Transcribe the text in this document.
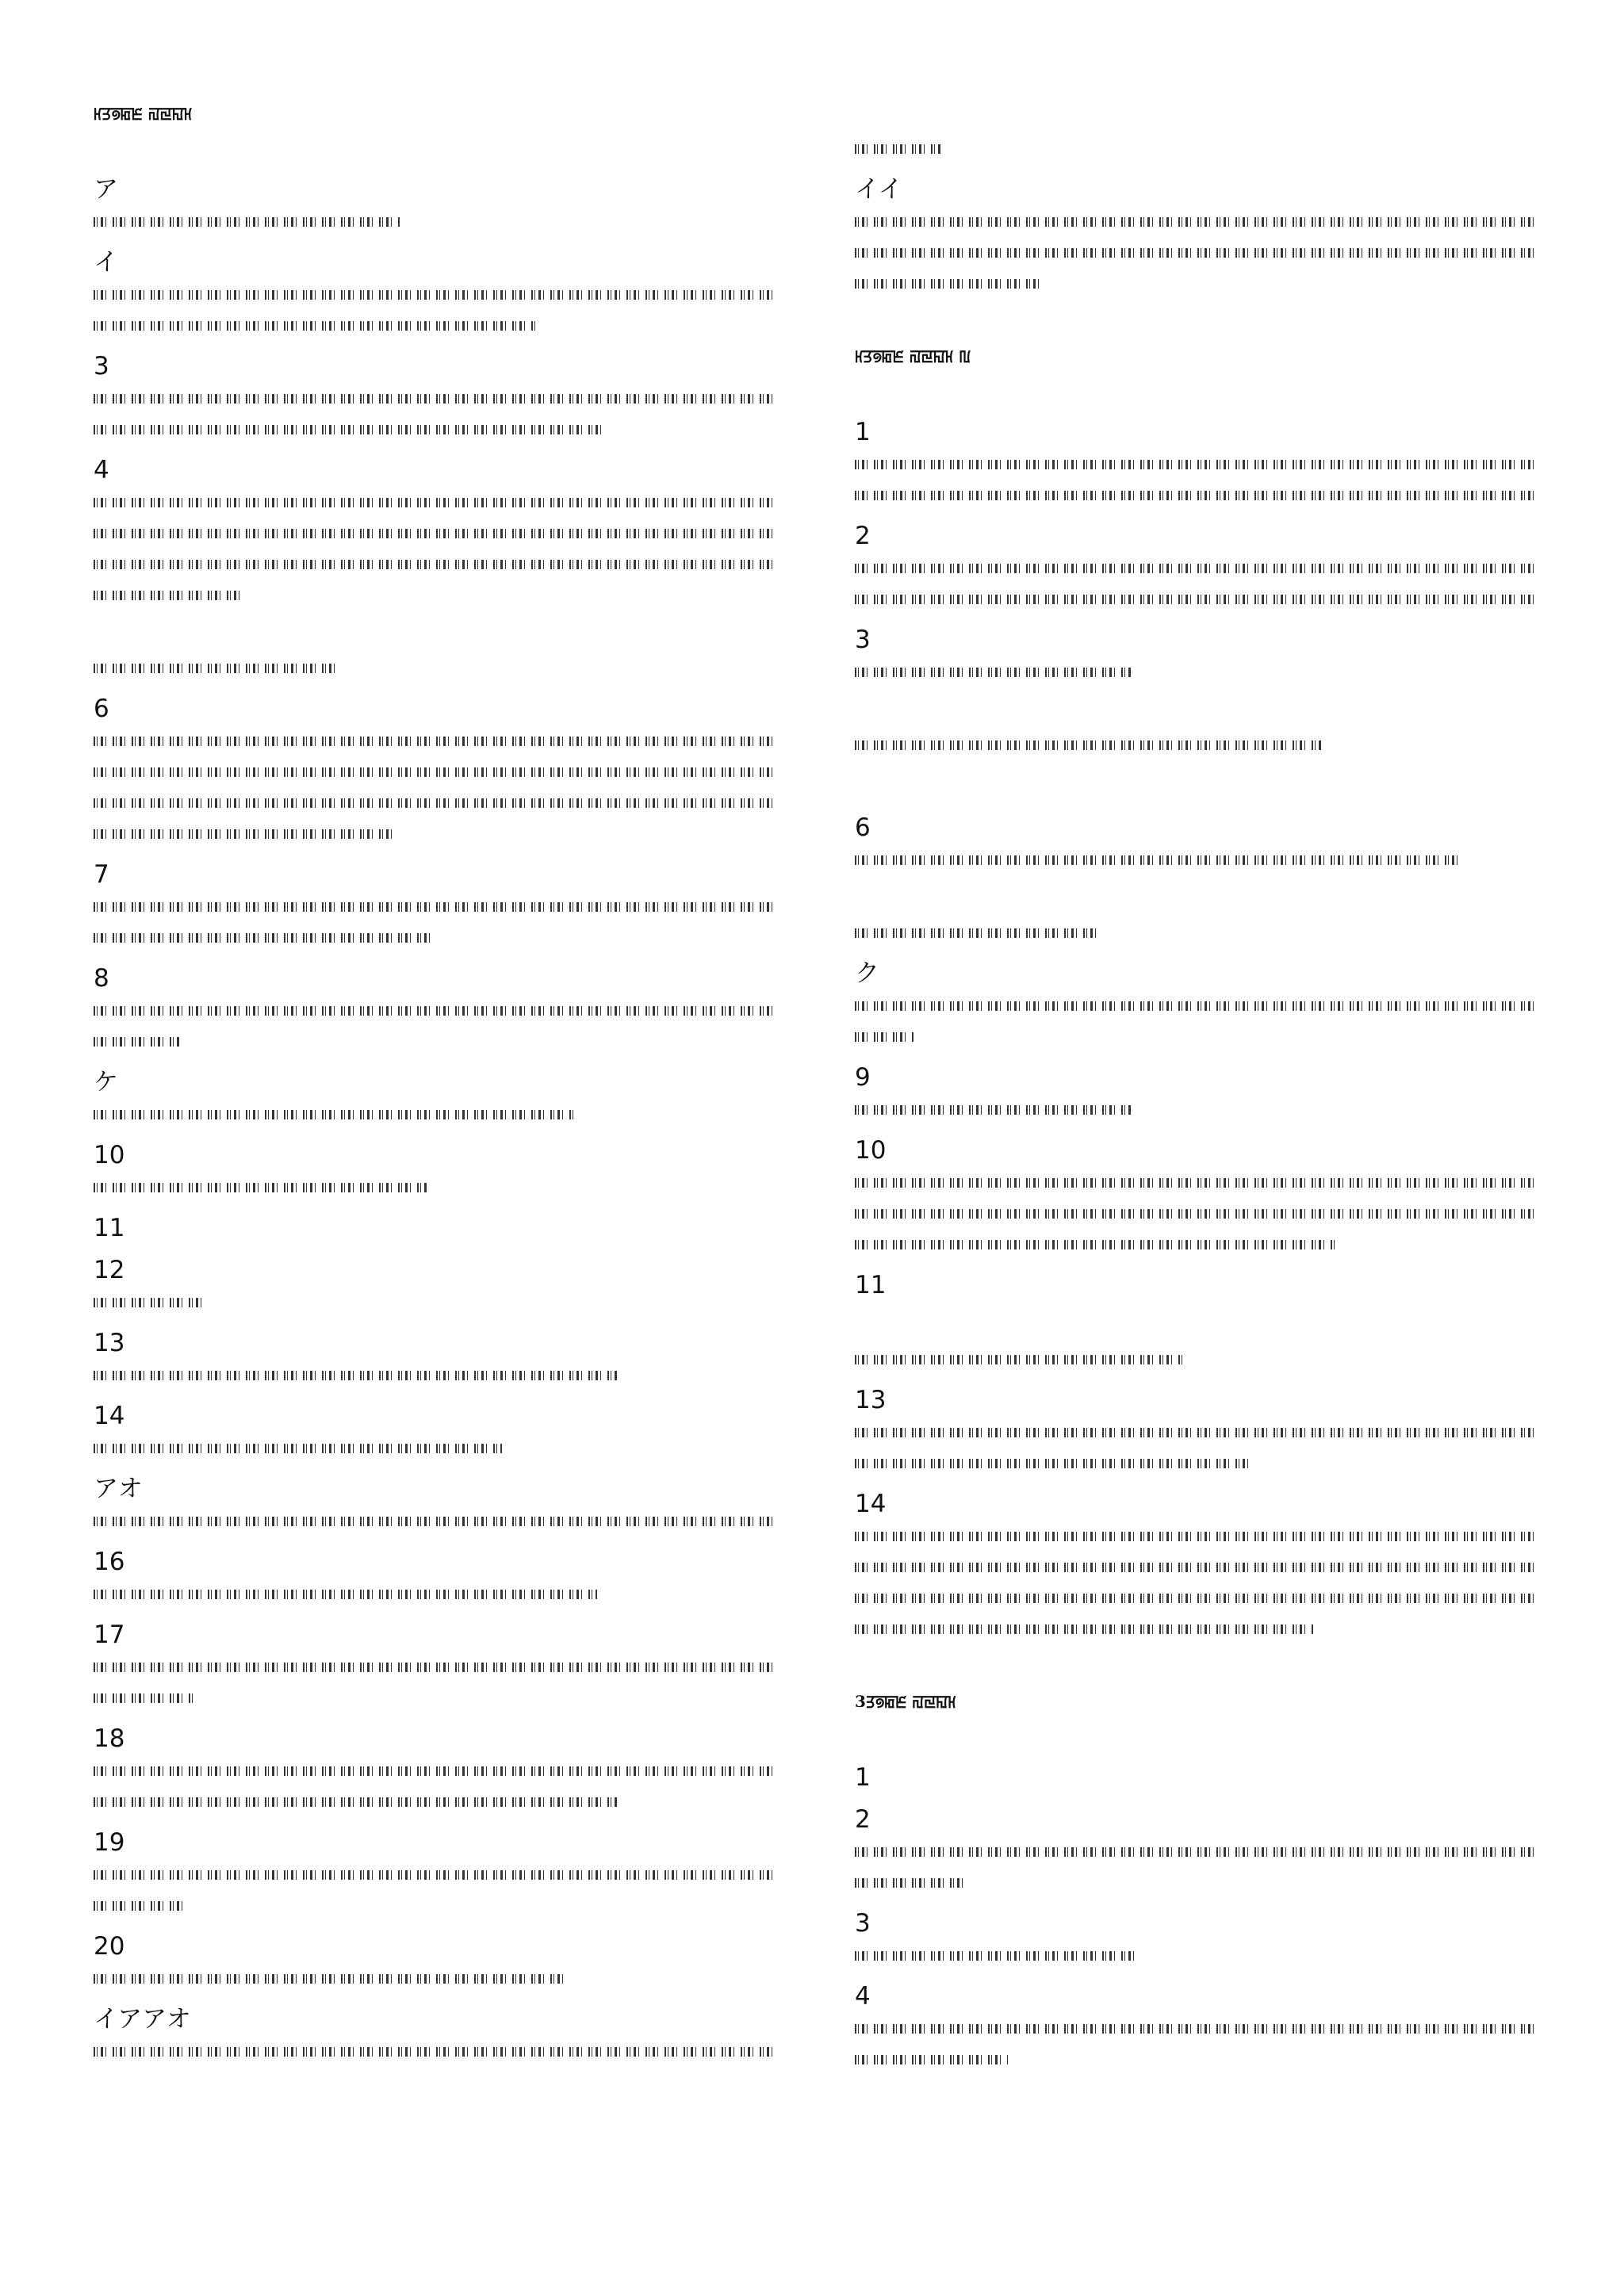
ꡘꡗꡟꡂꡈ ꡌꡙꡎꡘ
ア
イ
3
4
6
7
8
ケ
10
11
12
13
14
アオ
16
17
18
19
20
イアアオ
イイ
ꡘꡗꡟꡂꡈ ꡌꡙꡎꡘ ꡃ
1
2
3
6
ク
9
10
11
13
14
3ꡗꡟꡂꡈ ꡌꡙꡎꡘ
1
2
3
4
